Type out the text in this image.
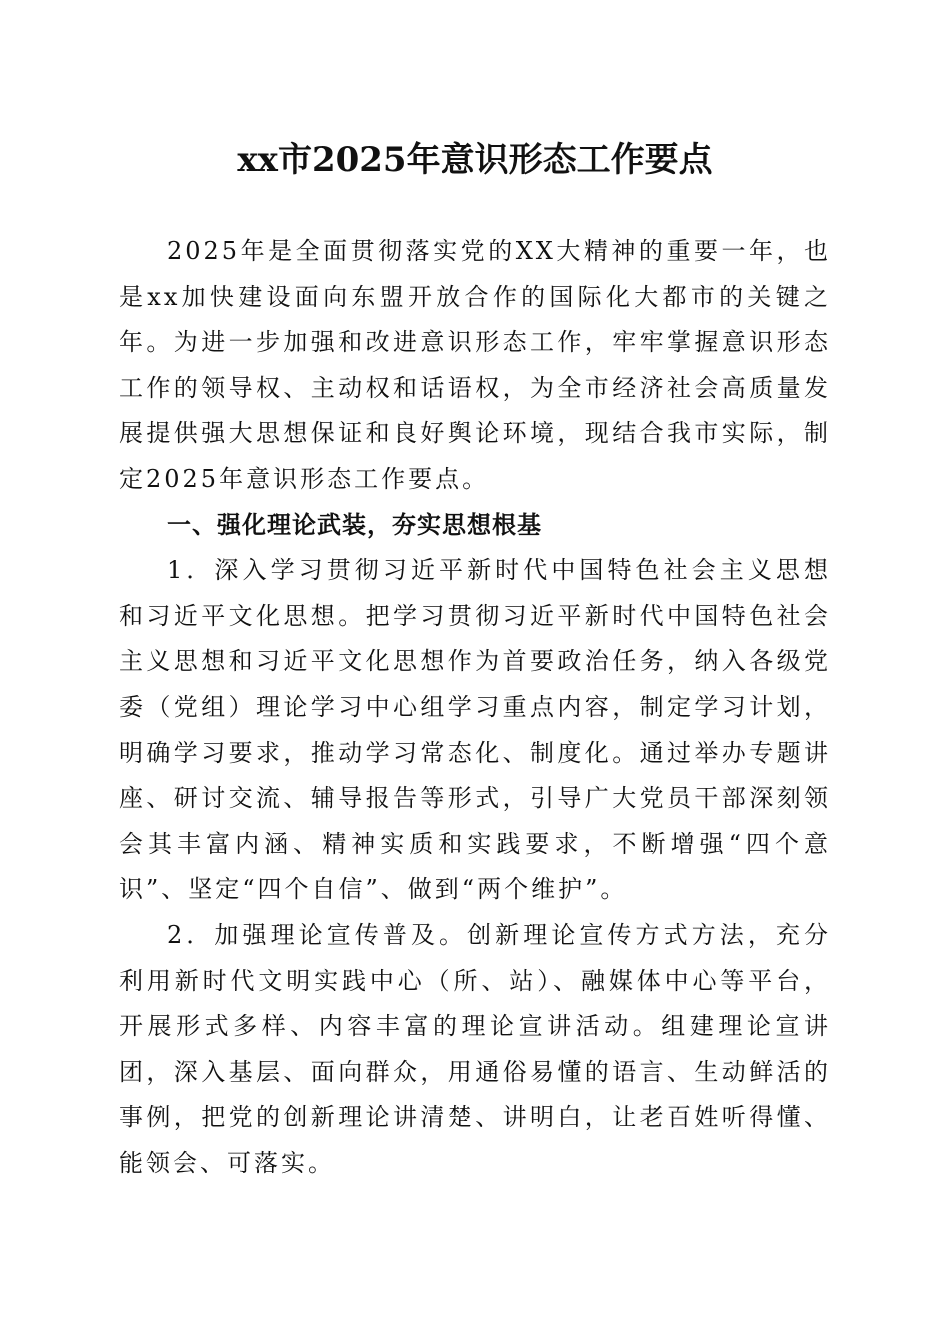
xx市2025年意识形态工作要点

2025年是全面贯彻落实党的XX大精神的重要一年，也是xx加快建设面向东盟开放合作的国际化大都市的关键之年。为进一步加强和改进意识形态工作，牢牢掌握意识形态工作的领导权、主动权和话语权，为全市经济社会高质量发展提供强大思想保证和良好舆论环境，现结合我市实际，制定2025年意识形态工作要点。

一、强化理论武装，夯实思想根基

1．深入学习贯彻习近平新时代中国特色社会主义思想和习近平文化思想。把学习贯彻习近平新时代中国特色社会主义思想和习近平文化思想作为首要政治任务，纳入各级党委（党组）理论学习中心组学习重点内容，制定学习计划，明确学习要求，推动学习常态化、制度化。通过举办专题讲座、研讨交流、辅导报告等形式，引导广大党员干部深刻领会其丰富内涵、精神实质和实践要求，不断增强“四个意识”、坚定“四个自信”、做到“两个维护”。

2．加强理论宣传普及。创新理论宣传方式方法，充分利用新时代文明实践中心（所、站）、融媒体中心等平台，开展形式多样、内容丰富的理论宣讲活动。组建理论宣讲团，深入基层、面向群众，用通俗易懂的语言、生动鲜活的事例，把党的创新理论讲清楚、讲明白，让老百姓听得懂、能领会、可落实。
